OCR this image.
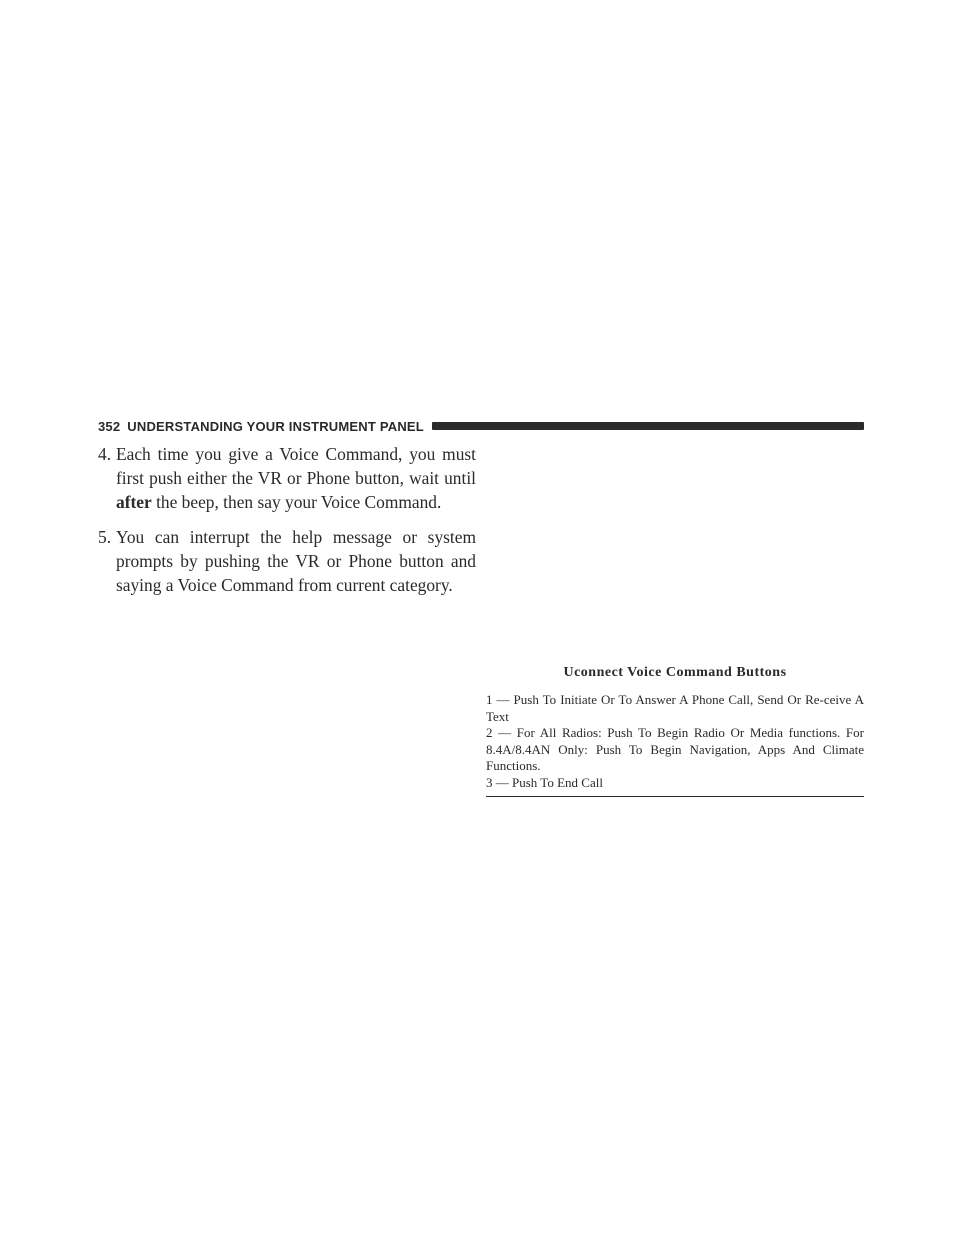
352 UNDERSTANDING YOUR INSTRUMENT PANEL

4. Each time you give a Voice Command, you must first push either the VR or Phone button, wait until after the beep, then say your Voice Command.

5. You can interrupt the help message or system prompts by pushing the VR or Phone button and saying a Voice Command from current category.

Uconnect Voice Command Buttons
1 — Push To Initiate Or To Answer A Phone Call, Send Or Re-ceive A Text
2 — For All Radios: Push To Begin Radio Or Media functions. For 8.4A/8.4AN Only: Push To Begin Navigation, Apps And Climate Functions.
3 — Push To End Call
